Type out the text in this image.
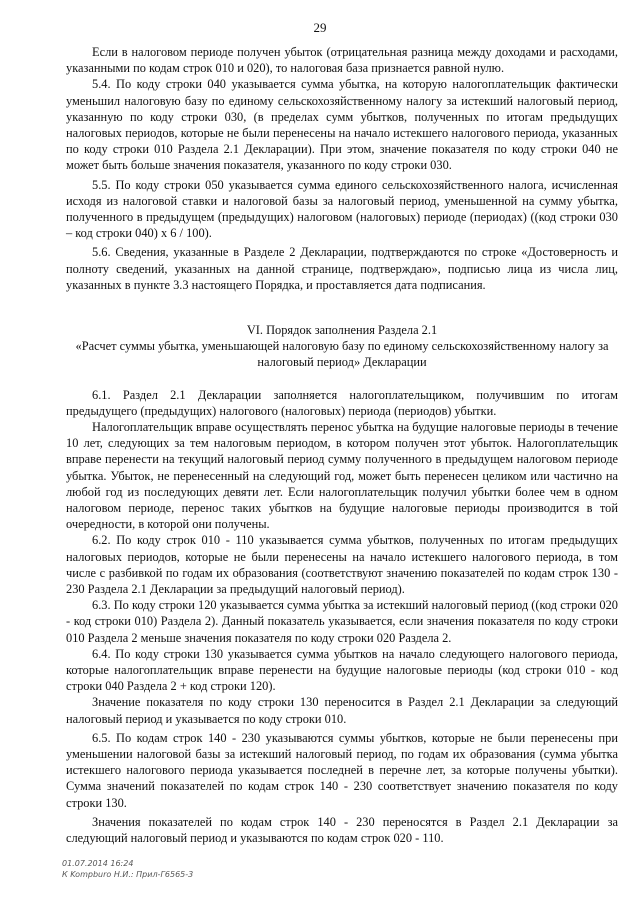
29

Если в налоговом периоде получен убыток (отрицательная разница между доходами и расходами, указанными по кодам строк 010 и 020), то налоговая база признается равной нулю.

5.4. По коду строки 040 указывается сумма убытка, на которую налогоплательщик фактически уменьшил налоговую базу по единому сельскохозяйственному налогу за истекший налоговый период, указанную по коду строки 030, (в пределах сумм убытков, полученных по итогам предыдущих налоговых периодов, которые не были перенесены на начало истекшего налогового периода, указанных по коду строки 010 Раздела 2.1 Декларации). При этом, значение показателя по коду строки 040 не может быть больше значения показателя, указанного по коду строки 030.

5.5. По коду строки 050 указывается сумма единого сельскохозяйственного налога, исчисленная исходя из налоговой ставки и налоговой базы за налоговый период, уменьшенной на сумму убытка, полученного в предыдущем (предыдущих) налоговом (налоговых) периоде (периодах) ((код строки 030 – код строки 040) х 6 / 100).

5.6. Сведения, указанные в Разделе 2 Декларации, подтверждаются по строке «Достоверность и полноту сведений, указанных на данной странице, подтверждаю», подписью лица из числа лиц, указанных в пункте 3.3 настоящего Порядка, и проставляется дата подписания.

VI. Порядок заполнения Раздела 2.1

«Расчет суммы убытка, уменьшающей налоговую базу по единому сельскохозяйственному налогу за налоговый период» Декларации

6.1. Раздел 2.1 Декларации заполняется налогоплательщиком, получившим по итогам предыдущего (предыдущих) налогового (налоговых) периода (периодов) убытки.

Налогоплательщик вправе осуществлять перенос убытка на будущие налоговые периоды в течение 10 лет, следующих за тем налоговым периодом, в котором получен этот убыток. Налогоплательщик вправе перенести на текущий налоговый период сумму полученного в предыдущем налоговом периоде убытка. Убыток, не перенесенный на следующий год, может быть перенесен целиком или частично на любой год из последующих девяти лет. Если налогоплательщик получил убытки более чем в одном налоговом периоде, перенос таких убытков на будущие налоговые периоды производится в той очередности, в которой они получены.

6.2. По коду строк 010 - 110 указывается сумма убытков, полученных по итогам предыдущих налоговых периодов, которые не были перенесены на начало истекшего налогового периода, в том числе с разбивкой по годам их образования (соответствуют значению показателей по кодам строк 130 - 230 Раздела 2.1 Декларации за предыдущий налоговый период).

6.3. По коду строки 120 указывается сумма убытка за истекший налоговый период ((код строки 020 - код строки 010) Раздела 2). Данный показатель указывается, если значения показателя по коду строки 010 Раздела 2 меньше значения показателя по коду строки 020 Раздела 2.

6.4. По коду строки 130 указывается сумма убытков на начало следующего налогового периода, которые налогоплательщик вправе перенести на будущие налоговые периоды (код строки 010 - код строки 040 Раздела 2 + код строки 120).

Значение показателя по коду строки 130 переносится в Раздел 2.1 Декларации за следующий налоговый период и указывается по коду строки 010.

6.5. По кодам строк 140 - 230 указываются суммы убытков, которые не были перенесены при уменьшении налоговой базы за истекший налоговый период, по годам их образования (сумма убытка истекшего налогового периода указывается последней в перечне лет, за которые получены убытки). Сумма значений показателей по кодам строк 140 - 230 соответствует значению показателя по коду строки 130.

Значения показателей по кодам строк 140 - 230 переносятся в Раздел 2.1 Декларации за следующий налоговый период и указываются по кодам строк 020 - 110.

01.07.2014 16:24
К Kompburo Н.И.: Прил-Г6565-3
